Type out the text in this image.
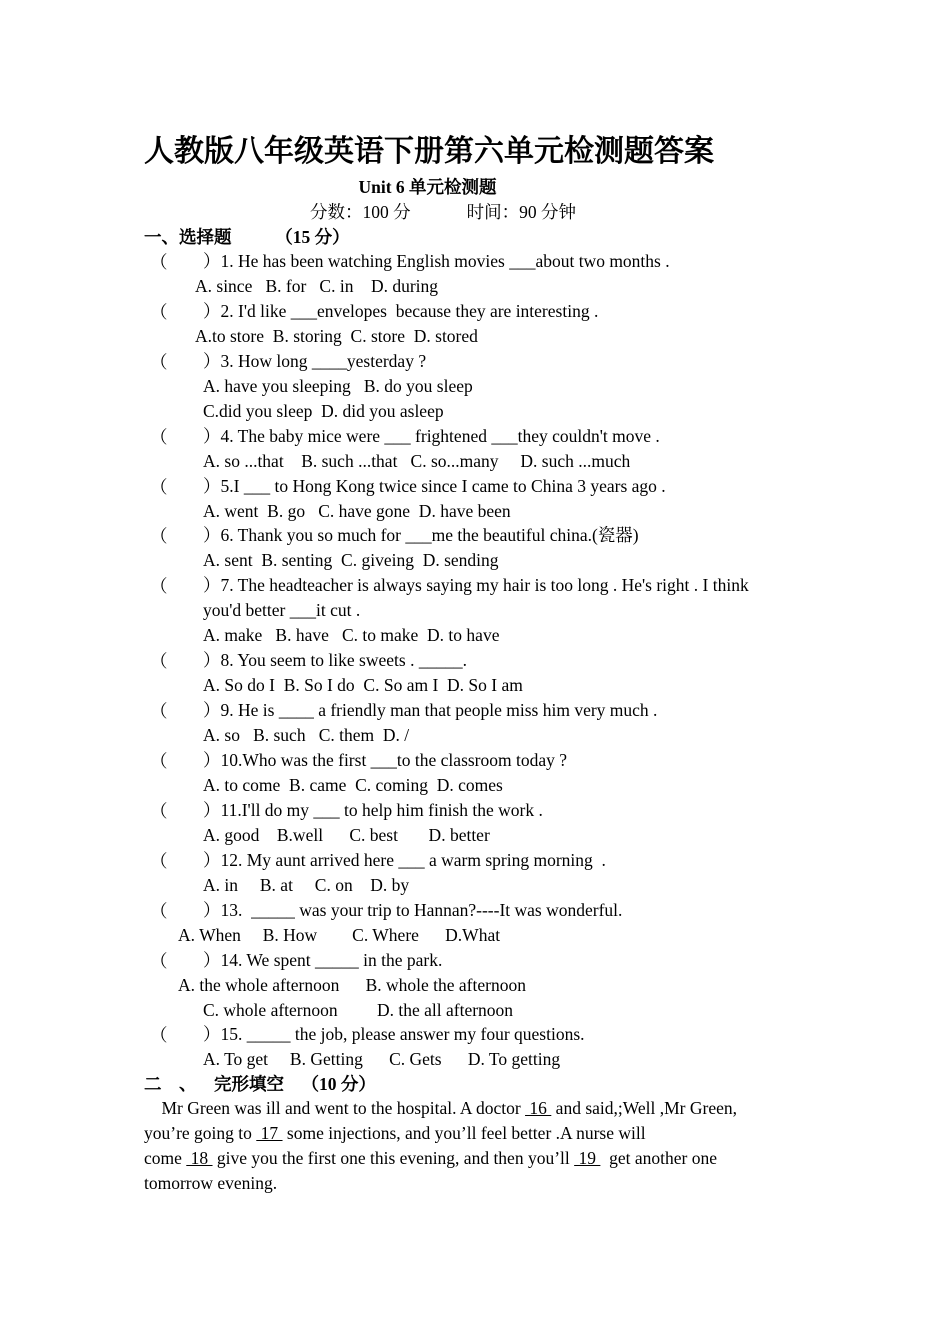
人教版八年级英语下册第六单元检测题答案
Unit 6 单元检测题
分数：100 分	时间：90 分钟
一、选择题          （15 分）
（ ）1. He has been watching English movies ___about two months .
A. since   B. for   C. in    D. during
（ ）2. I'd like ___envelopes  because they are interesting .
A.to store  B. storing  C. store  D. stored
（ ）3. How long ____yesterday ?
A. have you sleeping   B. do you sleep
C.did you sleep  D. did you asleep
（ ）4. The baby mice were ___ frightened ___they couldn't move .
A. so ...that    B. such ...that   C. so...many     D. such ...much
（ ）5.I ___ to Hong Kong twice since I came to China 3 years ago .
A. went  B. go   C. have gone  D. have been
（ ）6. Thank you so much for ___me the beautiful china.(瓷器)
A. sent  B. senting  C. giveing  D. sending
（ ）7. The headteacher is always saying my hair is too long . He's right . I think
you'd better ___it cut .
A. make   B. have   C. to make  D. to have
（ ）8. You seem to like sweets . _____.
A. So do I  B. So I do  C. So am I  D. So I am
（ ）9. He is ____ a friendly man that people miss him very much .
A. so   B. such   C. them  D. /
（ ）10.Who was the first ___to the classroom today ?
A. to come  B. came  C. coming  D. comes
（ ）11.I'll do my ___ to help him finish the work .
A. good    B.well      C. best       D. better
（ ）12. My aunt arrived here ___ a warm spring morning  .
A. in     B. at     C. on    D. by
（ ）13.  _____ was your trip to Hannan?----It was wonderful.
A. When     B. How        C. Where      D.What
（ ）14. We spent _____ in the park.
A. the whole afternoon      B. whole the afternoon
C. whole afternoon         D. the all afternoon
（ ）15. _____ the job, please answer my four questions.
A. To get     B. Getting      C. Gets      D. To getting
二    、    完形填空    （10 分）
Mr Green was ill and went to the hospital. A doctor  16  and said,;Well ,Mr Green,
you’re going to  17  some injections, and you’ll feel better .A nurse will
come  18  give you the first one this evening, and then you’ll  19   get another one
tomorrow evening.
